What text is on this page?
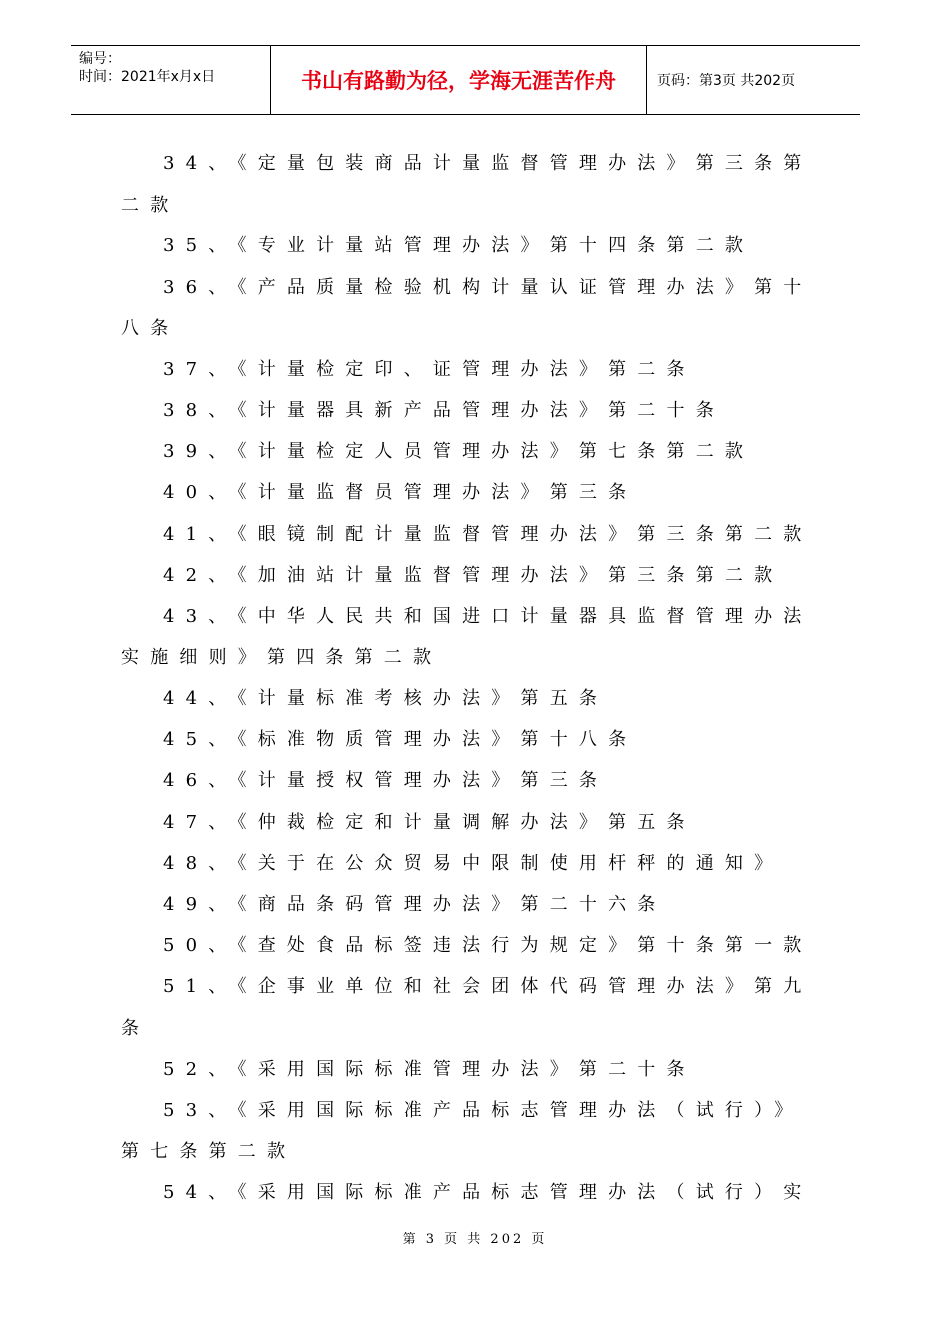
编号：
时间：2021年x月x日	书山有路勤为径，学海无涯苦作舟	页码：第3页 共202页
34、《定量包装商品计量监督管理办法》第三条第
二款
35、《专业计量站管理办法》第十四条第二款
36、《产品质量检验机构计量认证管理办法》第十
八条
37、《计量检定印、证管理办法》第二条
38、《计量器具新产品管理办法》第二十条
39、《计量检定人员管理办法》第七条第二款
40、《计量监督员管理办法》第三条
41、《眼镜制配计量监督管理办法》第三条第二款
42、《加油站计量监督管理办法》第三条第二款
43、《中华人民共和国进口计量器具监督管理办法
实施细则》第四条第二款
44、《计量标准考核办法》第五条
45、《标准物质管理办法》第十八条
46、《计量授权管理办法》第三条
47、《仲裁检定和计量调解办法》第五条
48、《关于在公众贸易中限制使用杆秤的通知》
49、《商品条码管理办法》第二十六条
50、《查处食品标签违法行为规定》第十条第一款
51、《企事业单位和社会团体代码管理办法》第九
条
52、《采用国际标准管理办法》第二十条
53、《采用国际标准产品标志管理办法（试行）》
第七条第二款
54、《采用国际标准产品标志管理办法（试行）实
第 3 页 共 202 页
